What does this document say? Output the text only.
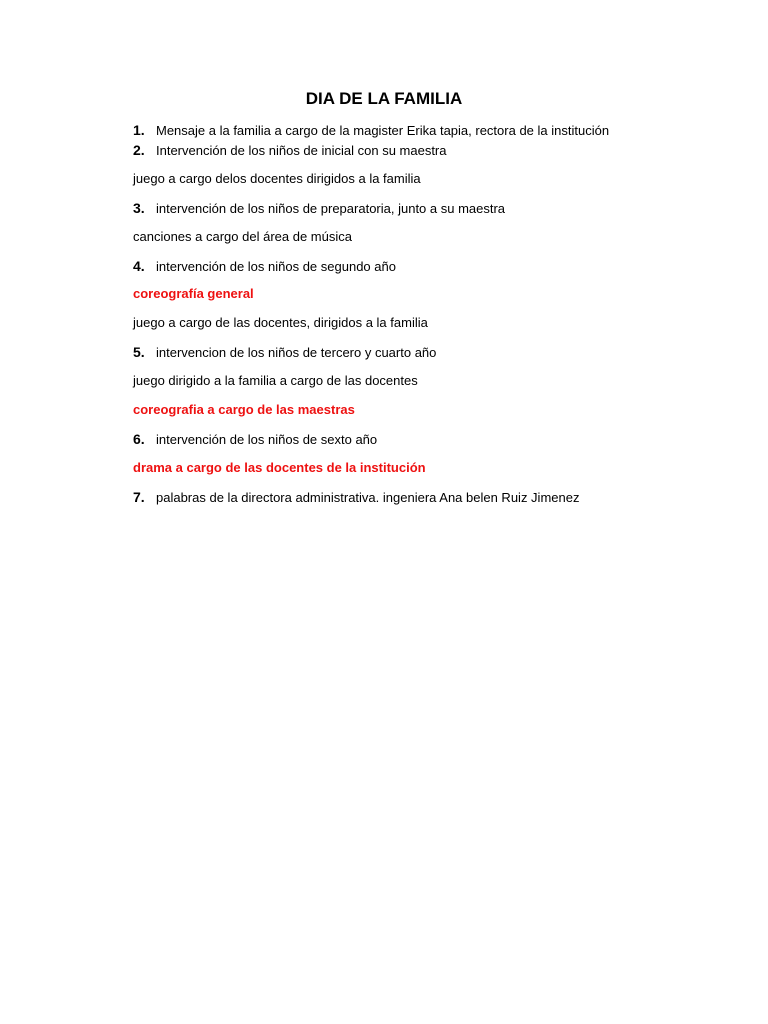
DIA DE LA FAMILIA
1. Mensaje a la familia a cargo de la magister Erika tapia, rectora de la institución
2. Intervención de los niños de inicial con su maestra
juego a cargo delos docentes dirigidos a la familia
3. intervención de los niños de preparatoria, junto a su maestra
canciones a cargo del área de música
4. intervención de los niños de segundo año
coreografía general
juego a cargo de las docentes, dirigidos a la familia
5. intervencion de los niños de tercero y cuarto año
juego dirigido a la familia a cargo de las docentes
coreografia a cargo de las maestras
6. intervención de los niños de sexto año
drama a cargo de las docentes de la institución
7. palabras de la directora administrativa. ingeniera Ana belen Ruiz Jimenez
